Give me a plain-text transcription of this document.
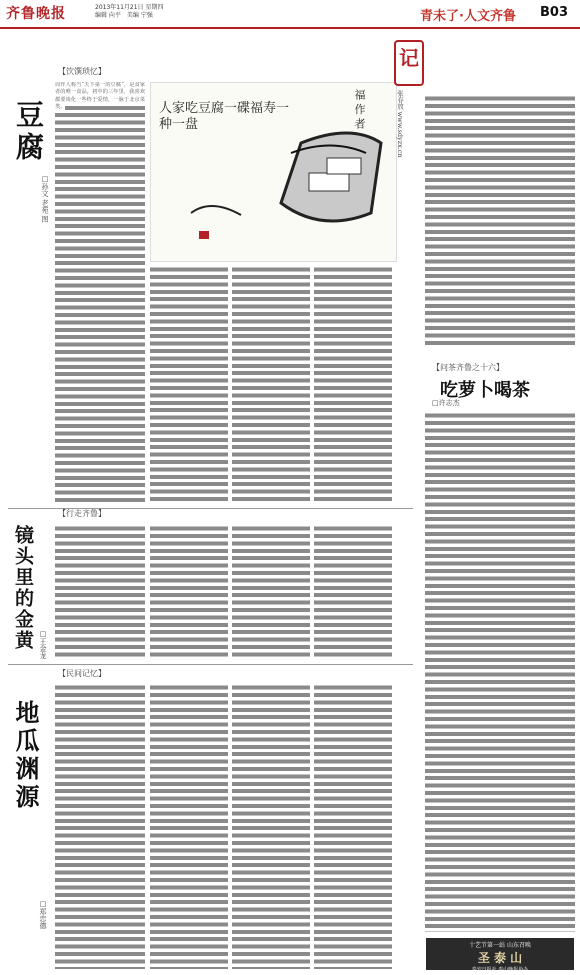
齐鲁晚报	2013年11月21日 星期四
编辑 向平 美编 宁强	青未了·人文齐鲁 B03
【饮馔琐忆】
豆腐
□孙文 老苑 图
周作人称当“天下第一的豆腐”，是食家者的唯一食品，初中的三年里，我喜欢都要谈化一些终于爱情，一脉于北京菜类。	人家吃豆腐一碟福寿一种一盘	福 作 者
记
张春放 www.sdyzx.cn
【问茶齐鲁之十六】
吃萝卜喝茶
□许志杰
【行走齐鲁】
镜头里的金黄 □王金龙
【民间记忆】
地瓜渊源
□郑忠德
十艺节第一站 山东召唤
圣 泰 山
泰安日报社 泰山晚报协办
